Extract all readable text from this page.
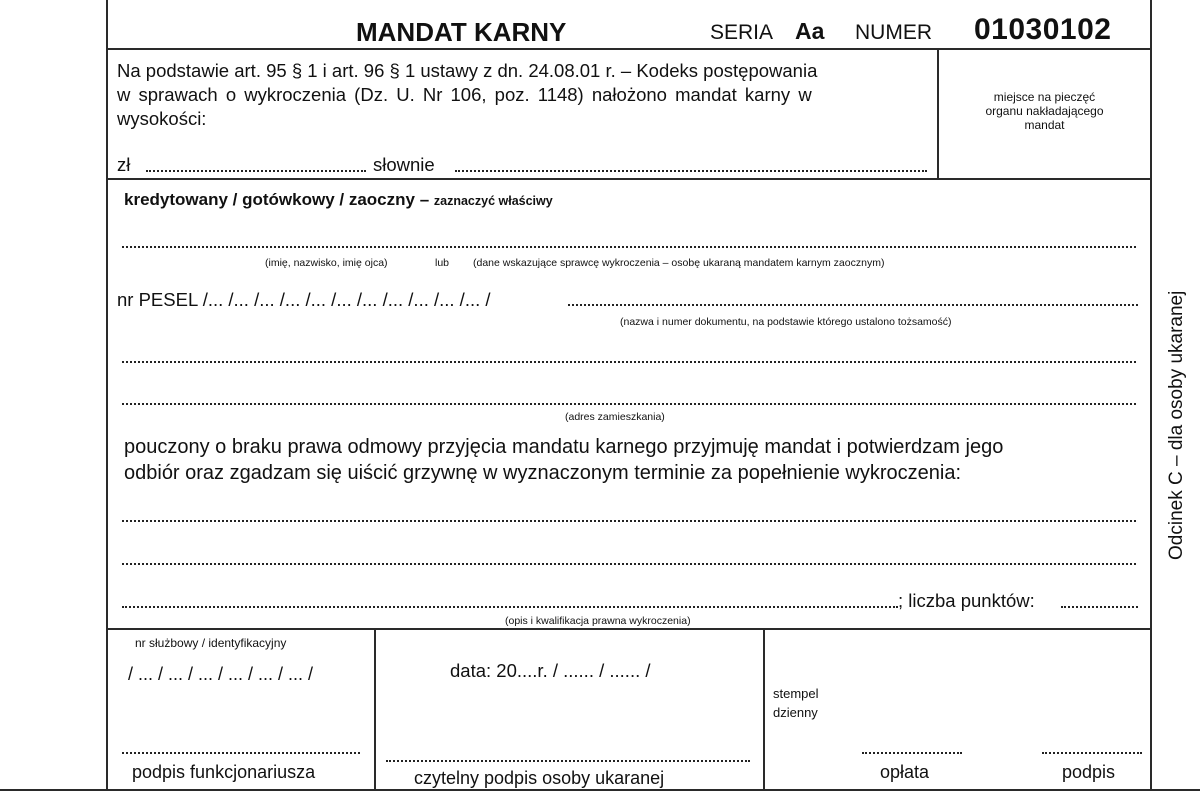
MANDAT KARNY	SERIA Aa NUMER 01030102
Na podstawie art. 95 § 1 i art. 96 § 1 ustawy z dn. 24.08.01 r. – Kodeks postępowania
w sprawach o wykroczenia (Dz. U. Nr 106, poz. 1148) nałożono mandat karny w
wysokości:
zł	słownie
miejsce na pieczęć
organu nakładającego
mandat
kredytowany / gotówkowy / zaoczny – zaznaczyć właściwy
(imię, nazwisko, imię ojca)	lub (dane wskazujące sprawcę wykroczenia – osobę ukaraną mandatem karnym zaocznym)
nr PESEL /... /... /... /... /... /... /... /... /... /... /... /
(nazwa i numer dokumentu, na podstawie którego ustalono tożsamość)
(adres zamieszkania)
pouczony o braku prawa odmowy przyjęcia mandatu karnego przyjmuję mandat i potwierdzam jego
odbiór oraz zgadzam się uiścić grzywnę w wyznaczonym terminie za popełnienie wykroczenia:
; liczba punktów:
(opis i kwalifikacja prawna wykroczenia)
nr służbowy / identyfikacyjny
/ ... / ... / ... / ... / ... / ... /
podpis funkcjonariusza
data: 20....r. / ...... / ...... /
czytelny podpis osoby ukaranej
stempel
dzienny
opłata	podpis
Odcinek C – dla osoby ukaranej
